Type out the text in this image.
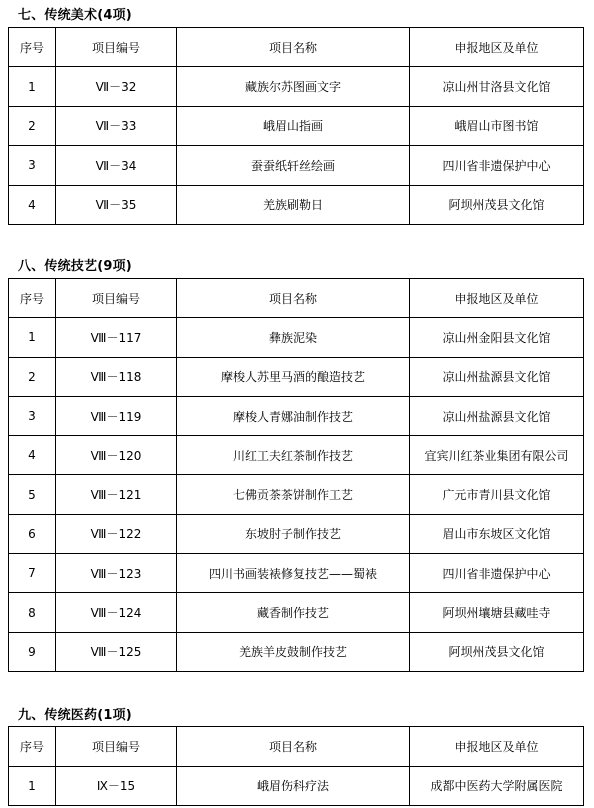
七、传统美术(4项)
序号	项目编号	项目名称	申报地区及单位
1	Ⅶ－32	藏族尔苏图画文字	凉山州甘洛县文化馆
2	Ⅶ－33	峨眉山指画	峨眉山市图书馆
3	Ⅶ－34	蚕蚕纸轩丝绘画	四川省非遗保护中心
4	Ⅶ－35	羌族刷勒日	阿坝州茂县文化馆
八、传统技艺(9项)
序号	项目编号	项目名称	申报地区及单位
1	Ⅷ－117	彝族泥染	凉山州金阳县文化馆
2	Ⅷ－118	摩梭人苏里马酒的酿造技艺	凉山州盐源县文化馆
3	Ⅷ－119	摩梭人青娜油制作技艺	凉山州盐源县文化馆
4	Ⅷ－120	川红工夫红茶制作技艺	宜宾川红茶业集团有限公司
5	Ⅷ－121	七佛贡茶茶饼制作工艺	广元市青川县文化馆
6	Ⅷ－122	东坡肘子制作技艺	眉山市东坡区文化馆
7	Ⅷ－123	四川书画装裱修复技艺——蜀裱	四川省非遗保护中心
8	Ⅷ－124	藏香制作技艺	阿坝州壤塘县藏哇寺
9	Ⅷ－125	羌族羊皮鼓制作技艺	阿坝州茂县文化馆
九、传统医药(1项)
序号	项目编号	项目名称	申报地区及单位
1	Ⅸ－15	峨眉伤科疗法	成都中医药大学附属医院
